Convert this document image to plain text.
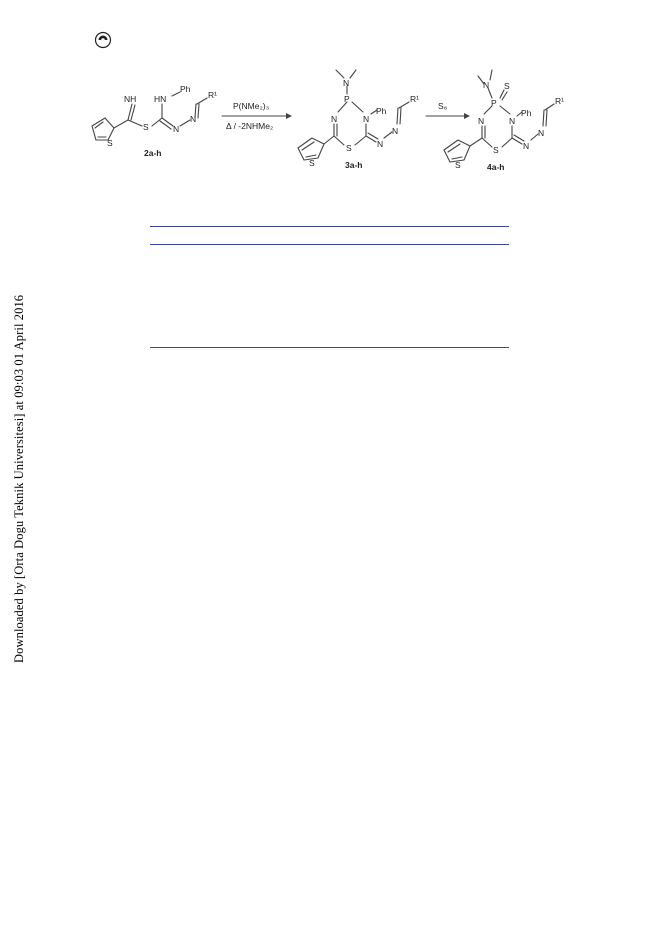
NH HN
Ph
R¹
S	N
N
S
2a-h
P(NMe₂)₃
Δ / -2NHMe₂
N
P
N	N
Ph
S	N
N
R¹
S	3a-h
S₈
N S
P
N	N
Ph
S	N
N
R¹
S	4a-h
Downloaded by [Orta Dogu Teknik Universitesi] at 09:03 01 April 2016
